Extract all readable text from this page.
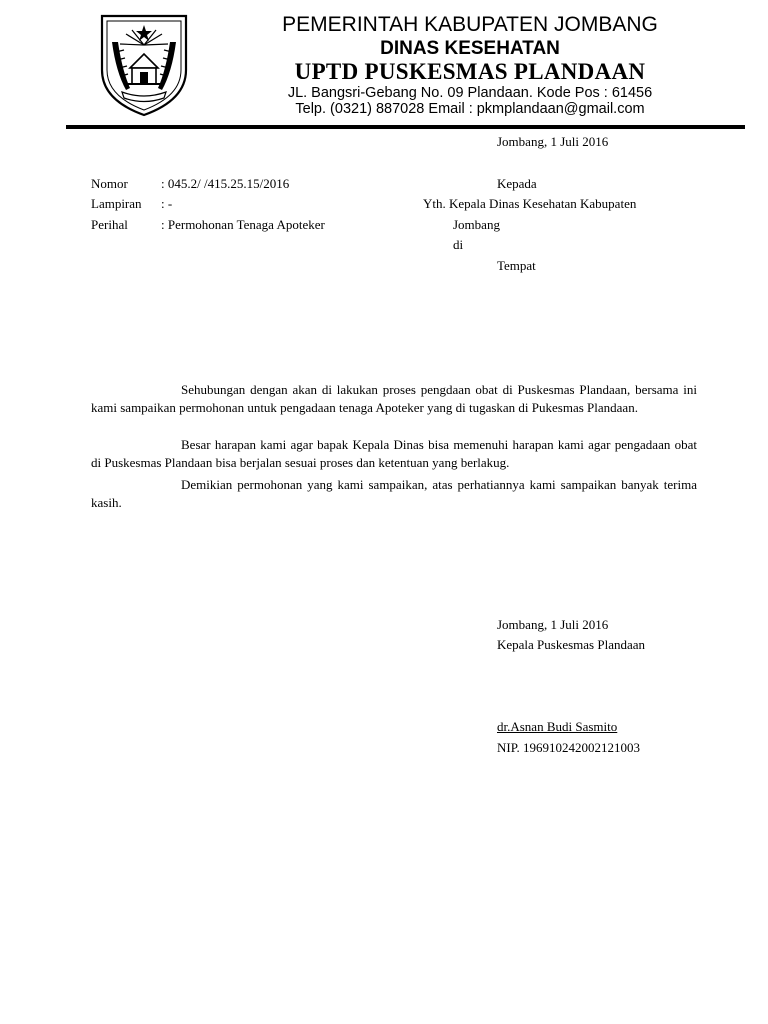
PEMERINTAH KABUPATEN JOMBANG
DINAS KESEHATAN
UPTD PUSKESMAS PLANDAAN
JL. Bangsri-Gebang No. 09 Plandaan. Kode Pos : 61456
Telp. (0321) 887028 Email : pkmplandaan@gmail.com
Jombang, 1 Juli 2016
Nomor	: 045.2/ /415.25.15/2016
Lampiran : -
Perihal	: Permohonan Tenaga Apoteker
Kepada
Yth. Kepala Dinas Kesehatan Kabupaten
Jombang
di
Tempat
Sehubungan dengan akan di lakukan proses pengdaan obat di Puskesmas Plandaan, bersama ini kami sampaikan permohonan untuk pengadaan tenaga Apoteker yang di tugaskan di Pukesmas Plandaan.
Besar harapan kami agar bapak Kepala Dinas bisa memenuhi harapan kami agar pengadaan obat di Puskesmas Plandaan bisa berjalan sesuai proses dan ketentuan yang berlakug.
Demikian permohonan yang kami sampaikan, atas perhatiannya kami sampaikan banyak terima kasih.
Jombang, 1 Juli 2016
Kepala Puskesmas Plandaan
dr.Asnan Budi Sasmito
NIP. 196910242002121003
